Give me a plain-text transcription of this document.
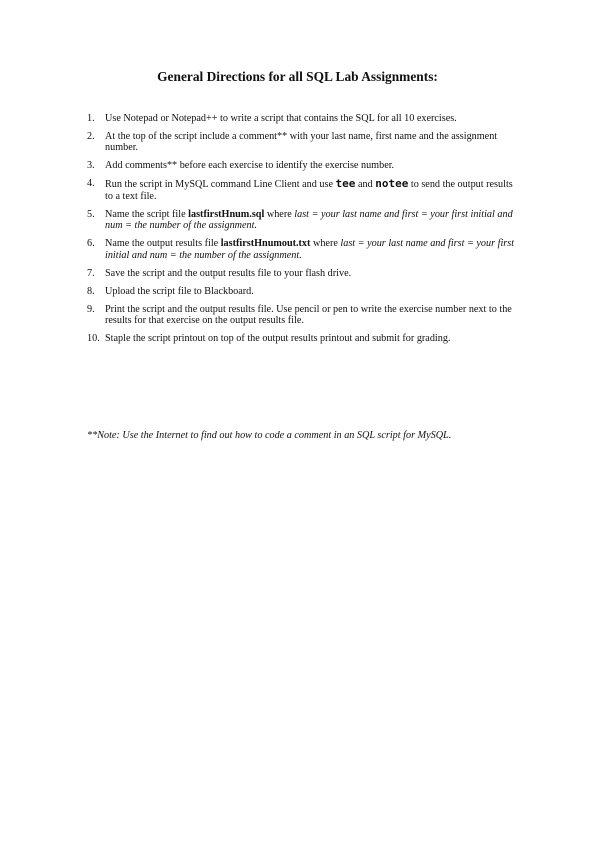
General Directions for all SQL Lab Assignments:
1.	Use Notepad or Notepad++ to write a script that contains the SQL for all 10 exercises.
2.	At the top of the script include a comment** with your last name, first name and the assignment number.
3.	Add comments** before each exercise to identify the exercise number.
4.	Run the script in MySQL command Line Client and use tee and notee to send the output results to a text file.
5.	Name the script file lastfirstHnum.sql where last = your last name and first = your first initial and num = the number of the assignment.
6.	Name the output results file lastfirstHnumout.txt where last = your last name and first = your first initial and num = the number of the assignment.
7.	Save the script and the output results file to your flash drive.
8.	Upload the script file to Blackboard.
9.	Print the script and the output results file. Use pencil or pen to write the exercise number next to the results for that exercise on the output results file.
10. Staple the script printout on top of the output results printout and submit for grading.
**Note: Use the Internet to find out how to code a comment in an SQL script for MySQL.
